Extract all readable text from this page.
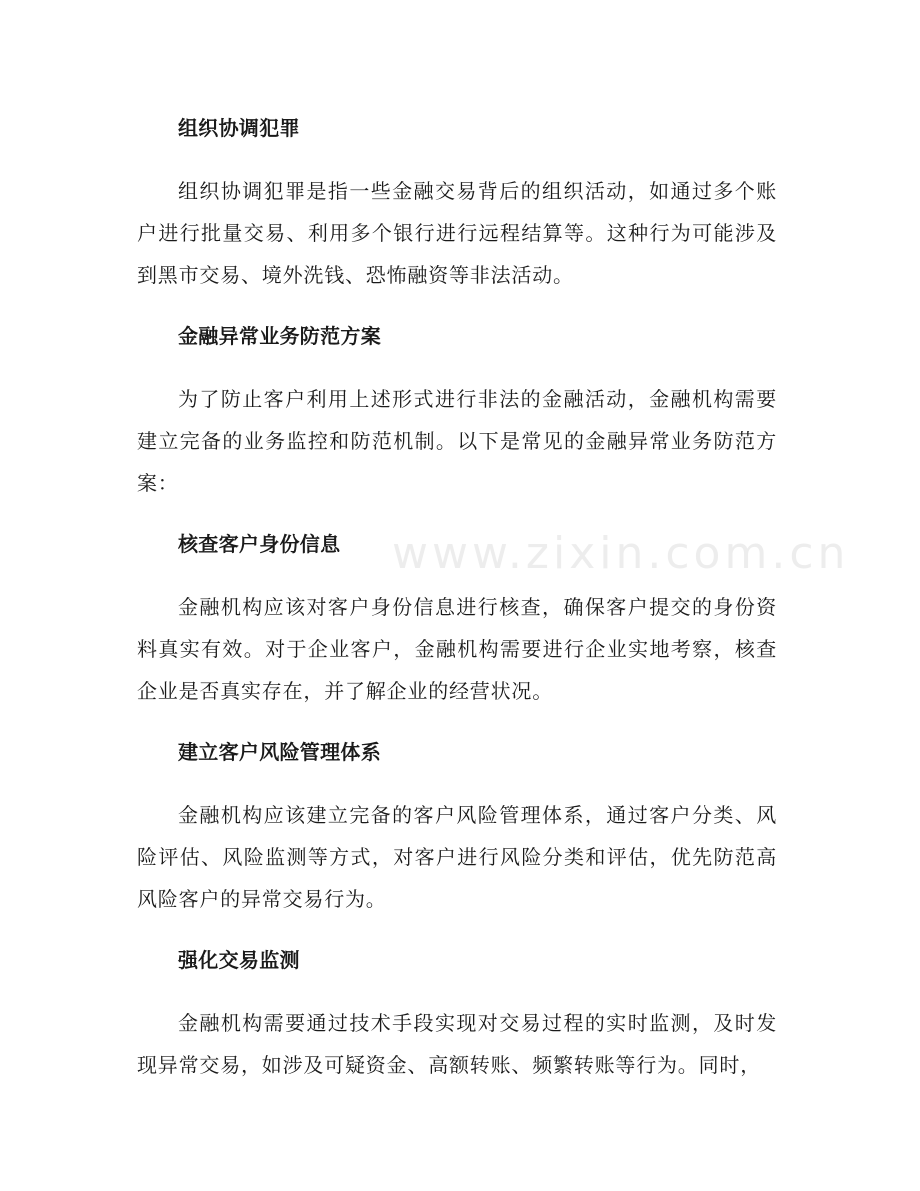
www.zixin.com.cn

组织协调犯罪

组织协调犯罪是指一些金融交易背后的组织活动，如通过多个账户进行批量交易、利用多个银行进行远程结算等。这种行为可能涉及到黑市交易、境外洗钱、恐怖融资等非法活动。

金融异常业务防范方案

为了防止客户利用上述形式进行非法的金融活动，金融机构需要建立完备的业务监控和防范机制。以下是常见的金融异常业务防范方案：

核查客户身份信息

金融机构应该对客户身份信息进行核查，确保客户提交的身份资料真实有效。对于企业客户，金融机构需要进行企业实地考察，核查企业是否真实存在，并了解企业的经营状况。

建立客户风险管理体系

金融机构应该建立完备的客户风险管理体系，通过客户分类、风险评估、风险监测等方式，对客户进行风险分类和评估，优先防范高风险客户的异常交易行为。

强化交易监测

金融机构需要通过技术手段实现对交易过程的实时监测，及时发现异常交易，如涉及可疑资金、高额转账、频繁转账等行为。同时，
